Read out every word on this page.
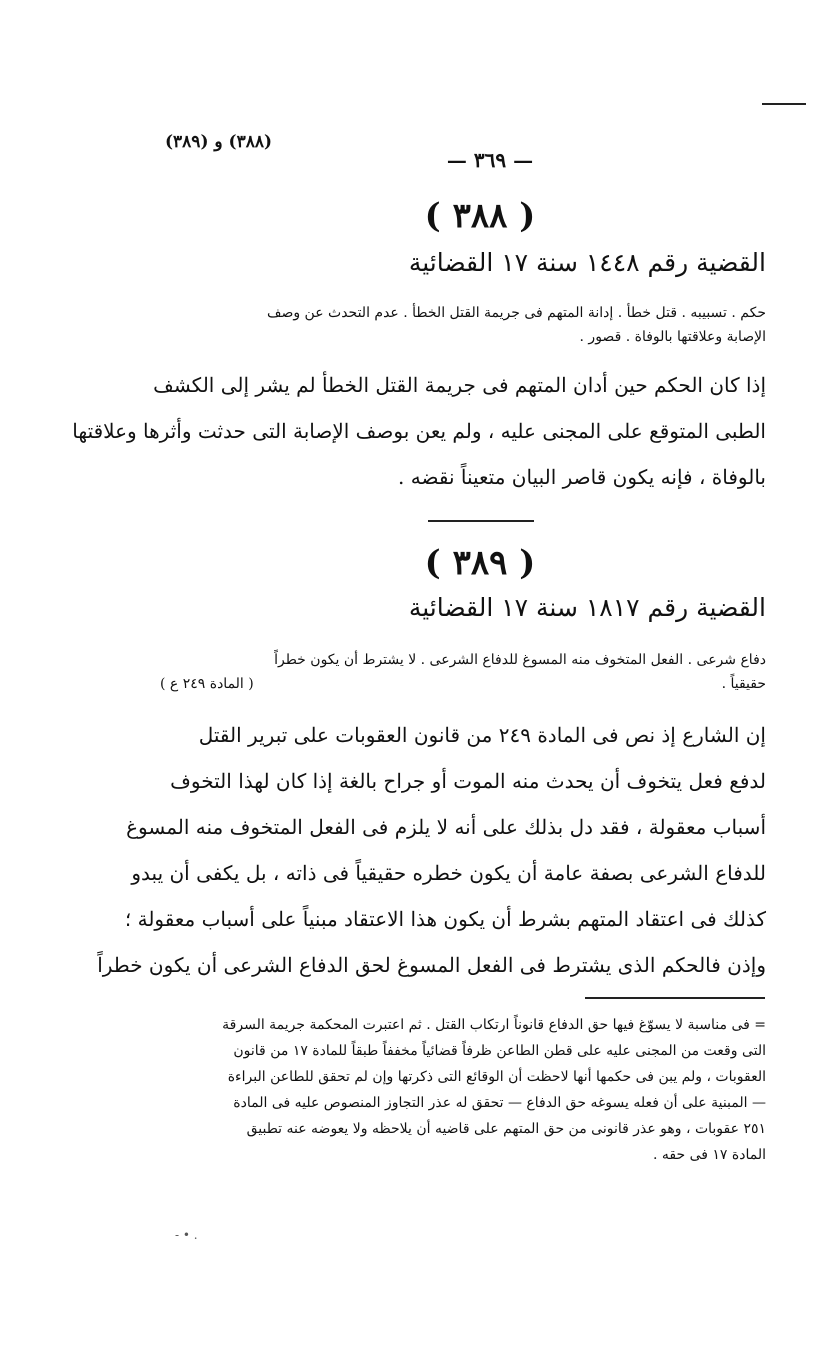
— ٣٦٩ —
(٣٨٨) و (٣٨٩)
( ٣٨٨ )
القضية رقم ١٤٤٨ سنة ١٧ القضائية
حكم . تسبيبه . قتل خطأ . إدانة المتهم فى جريمة القتل الخطأ . عدم التحدث عن وصف
الإصابة وعلاقتها بالوفاة . قصور .
إذا كان الحكم حين أدان المتهم فى جريمة القتل الخطأ لم يشر إلى الكشف
الطبى المتوقع على المجنى عليه ، ولم يعن بوصف الإصابة التى حدثت وأثرها وعلاقتها
بالوفاة ، فإنه يكون قاصر البيان متعيناً نقضه .
( ٣٨٩ )
القضية رقم ١٨١٧ سنة ١٧ القضائية
دفاع شرعى . الفعل المتخوف منه المسوغ للدفاع الشرعى . لا يشترط أن يكون خطراً
حقيقياً .
( المادة ٢٤٩ ع )
إن الشارع إذ نص فى المادة ٢٤٩ من قانون العقوبات على تبرير القتل
لدفع فعل يتخوف أن يحدث منه الموت أو جراح بالغة إذا كان لهذا التخوف
أسباب معقولة ، فقد دل بذلك على أنه لا يلزم فى الفعل المتخوف منه المسوغ
للدفاع الشرعى بصفة عامة أن يكون خطره حقيقياً فى ذاته ، بل يكفى أن يبدو
كذلك فى اعتقاد المتهم بشرط أن يكون هذا الاعتقاد مبنياً على أسباب معقولة ؛
وإذن فالحكم الذى يشترط فى الفعل المسوغ لحق الدفاع الشرعى أن يكون خطراً
= فى مناسبة لا يسوّغ فيها حق الدفاع قانوناً ارتكاب القتل . ثم اعتبرت المحكمة جريمة السرقة
التى وقعت من المجنى عليه على قطن الطاعن ظرفاً قضائياً مخففاً طبقاً للمادة ١٧ من قانون
العقوبات ، ولم يبن فى حكمها أنها لاحظت أن الوقائع التى ذكرتها وإن لم تحقق للطاعن البراءة
— المبنية على أن فعله يسوغه حق الدفاع — تحقق له عذر التجاوز المنصوص عليه فى المادة
٢٥١ عقوبات ، وهو عذر قانونى من حق المتهم على قاضيه أن يلاحظه ولا يعوضه عنه تطبيق
المادة ١٧ فى حقه .
- • .
